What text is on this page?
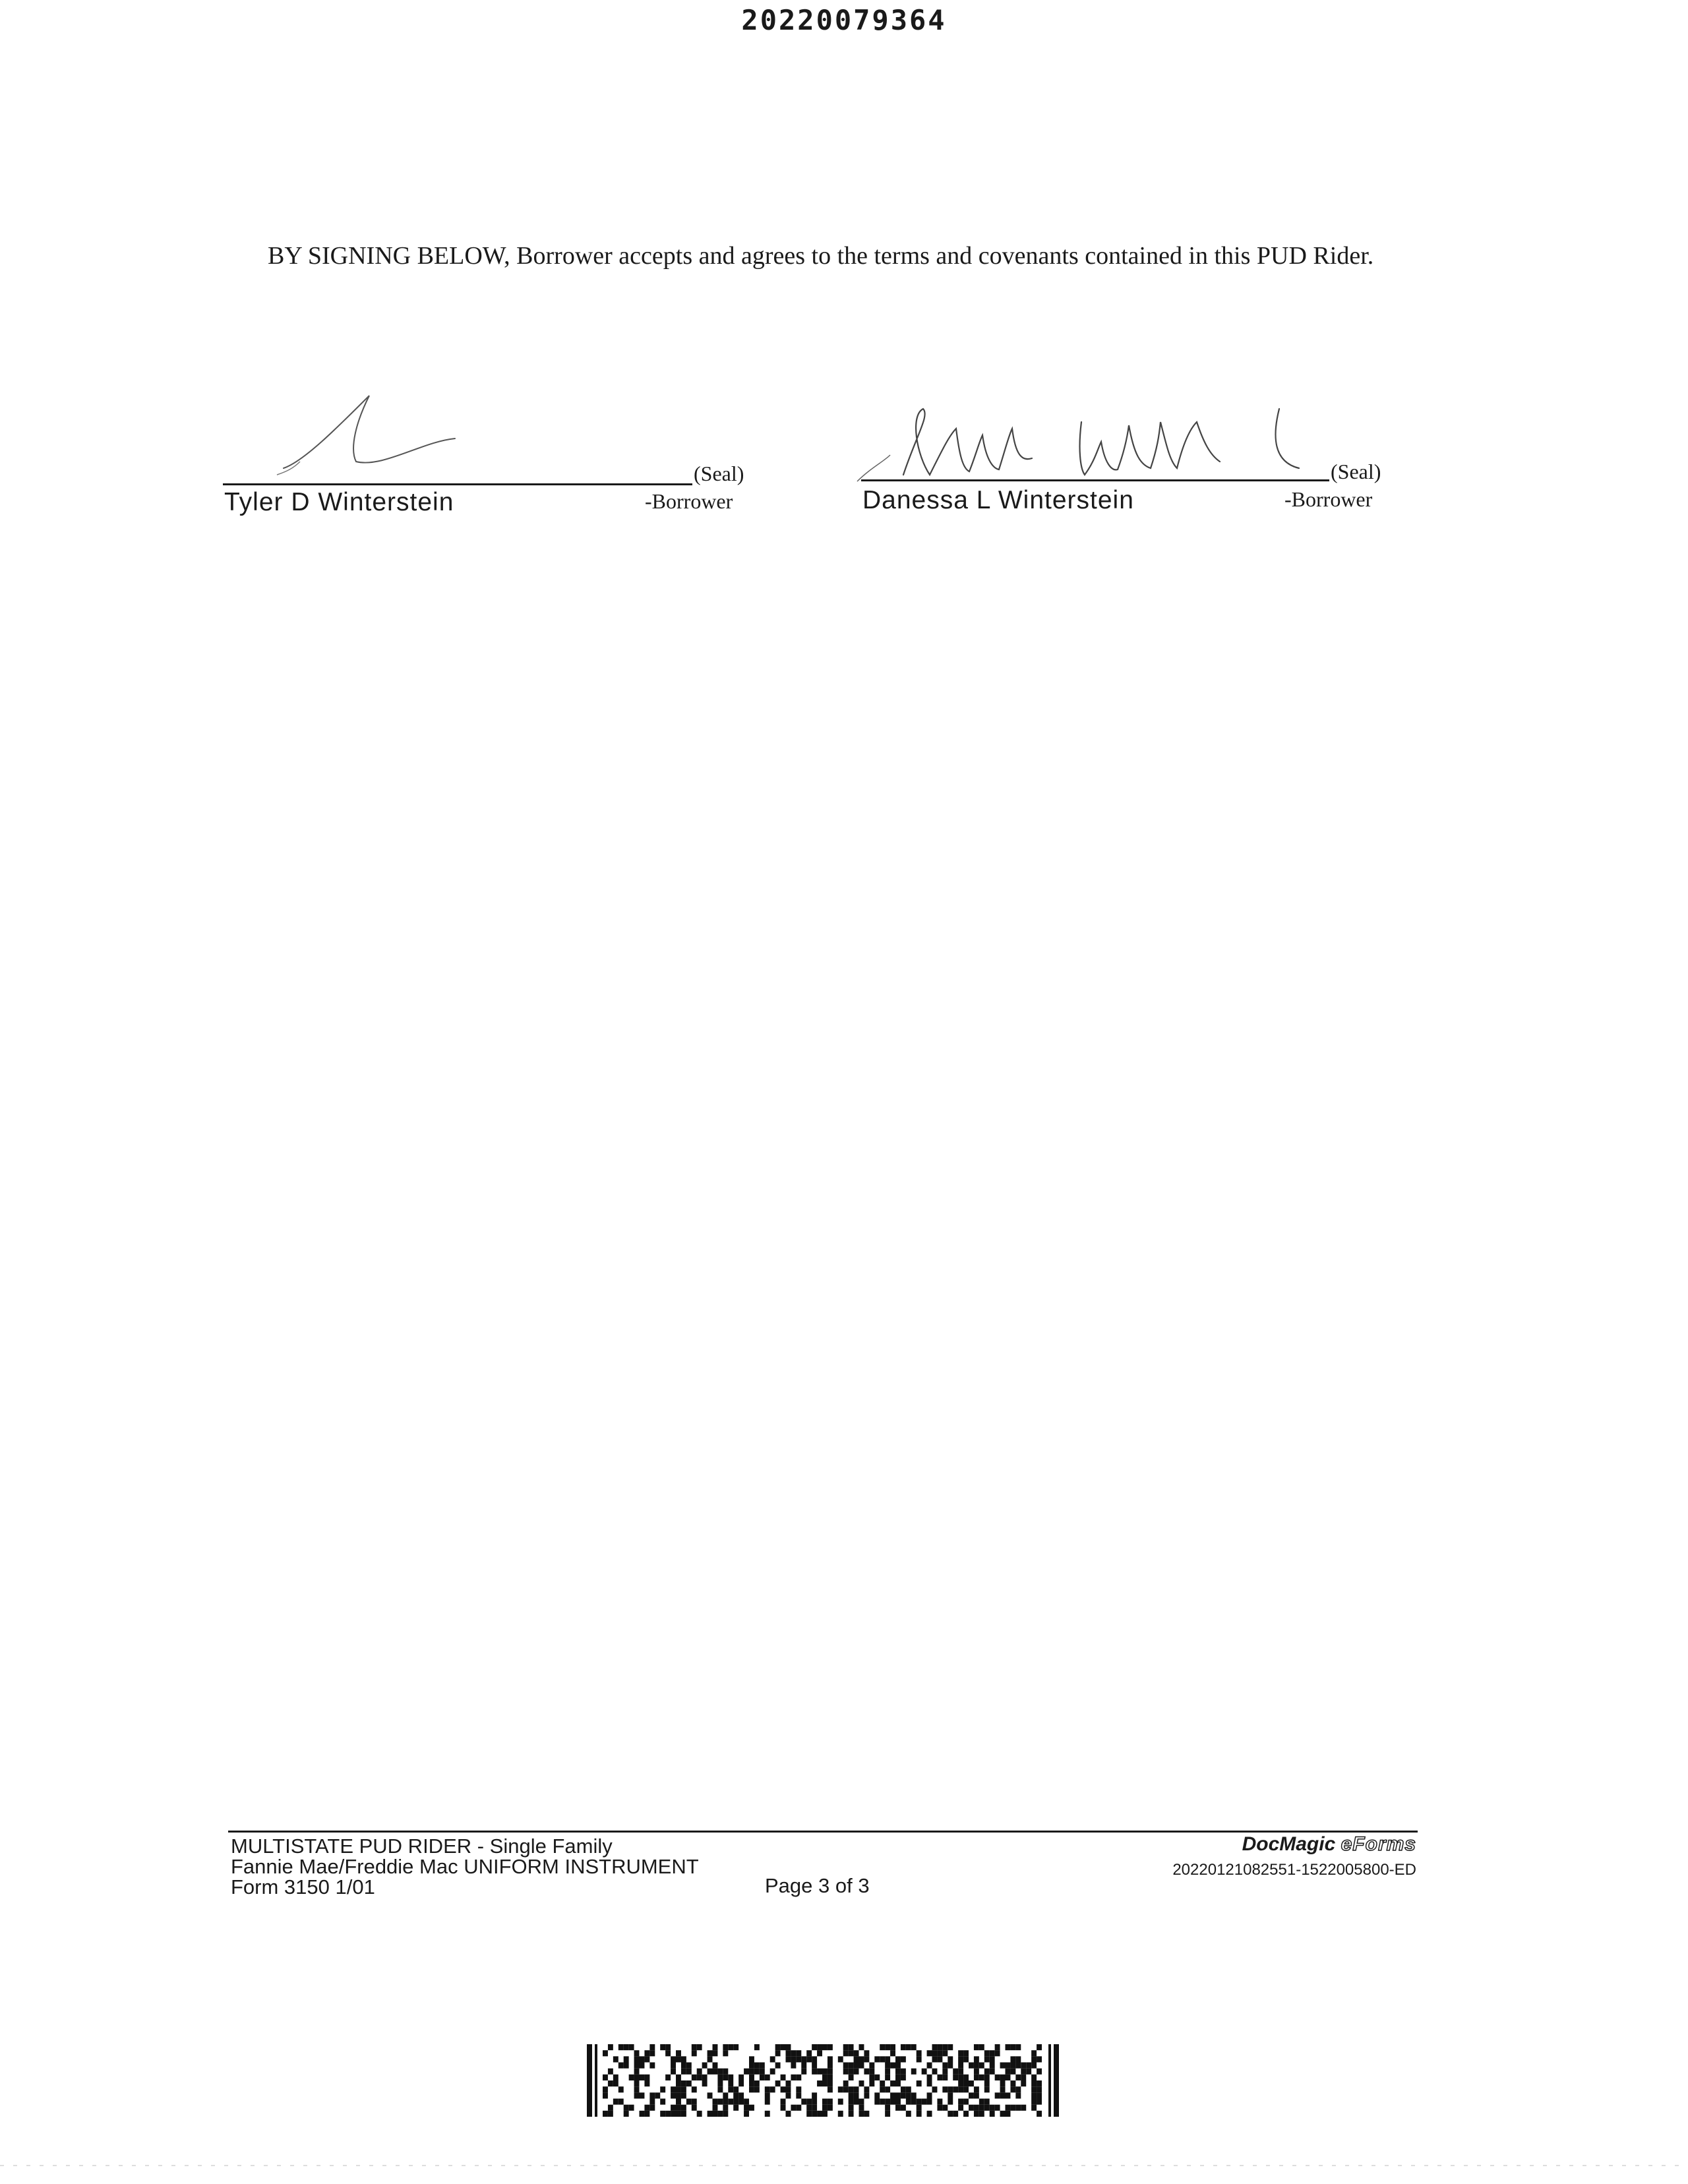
20220079364

BY SIGNING BELOW, Borrower accepts and agrees to the terms and covenants contained in this PUD Rider.

(Seal)
Tyler D Winterstein	-Borrower
(Seal)
Danessa L Winterstein	-Borrower
MULTISTATE PUD RIDER - Single Family
Fannie Mae/Freddie Mac UNIFORM INSTRUMENT
Form 3150 1/01	Page 3 of 3
DocMagic eForms
20220121082551-1522005800-ED
